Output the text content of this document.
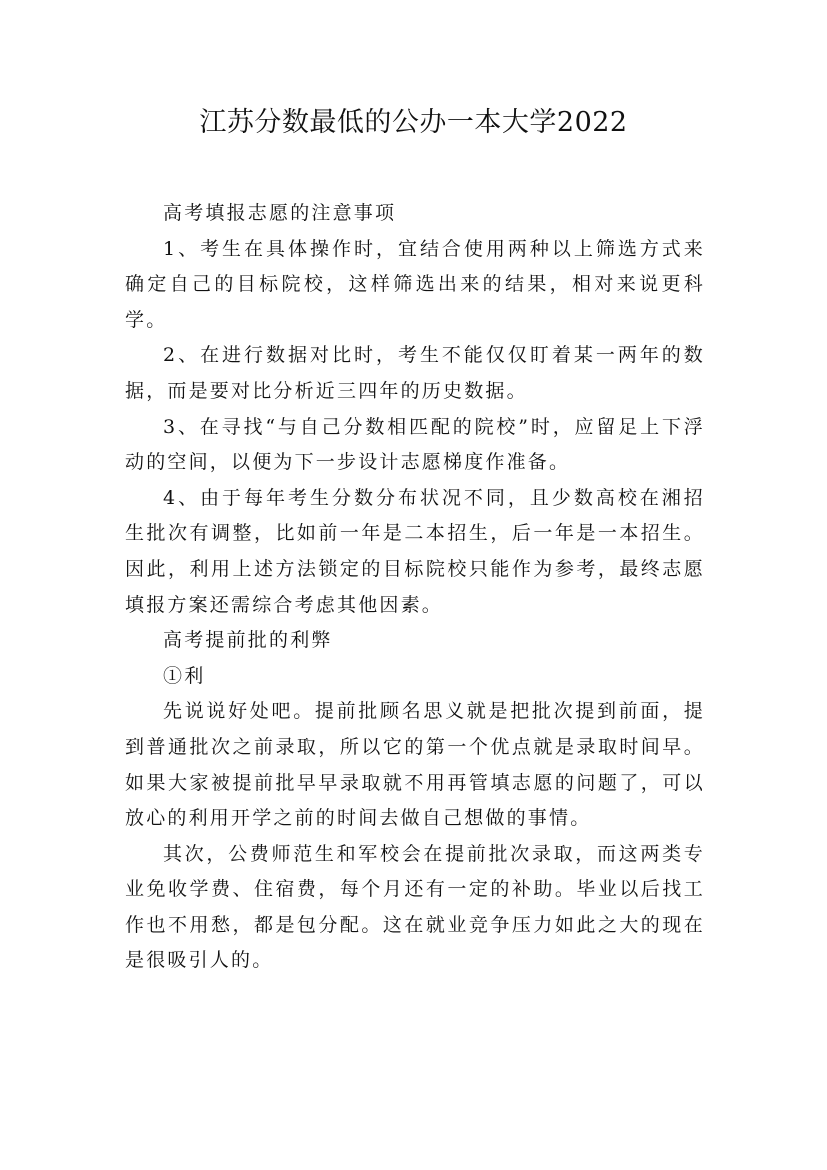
江苏分数最低的公办一本大学2022

高考填报志愿的注意事项

1、考生在具体操作时，宜结合使用两种以上筛选方式来确定自己的目标院校，这样筛选出来的结果，相对来说更科学。

2、在进行数据对比时，考生不能仅仅盯着某一两年的数据，而是要对比分析近三四年的历史数据。

3、在寻找“与自己分数相匹配的院校”时，应留足上下浮动的空间，以便为下一步设计志愿梯度作准备。

4、由于每年考生分数分布状况不同，且少数高校在湘招生批次有调整，比如前一年是二本招生，后一年是一本招生。因此，利用上述方法锁定的目标院校只能作为参考，最终志愿填报方案还需综合考虑其他因素。

高考提前批的利弊

①利

先说说好处吧。提前批顾名思义就是把批次提到前面，提到普通批次之前录取，所以它的第一个优点就是录取时间早。如果大家被提前批早早录取就不用再管填志愿的问题了，可以放心的利用开学之前的时间去做自己想做的事情。

其次，公费师范生和军校会在提前批次录取，而这两类专业免收学费、住宿费，每个月还有一定的补助。毕业以后找工作也不用愁，都是包分配。这在就业竞争压力如此之大的现在是很吸引人的。
